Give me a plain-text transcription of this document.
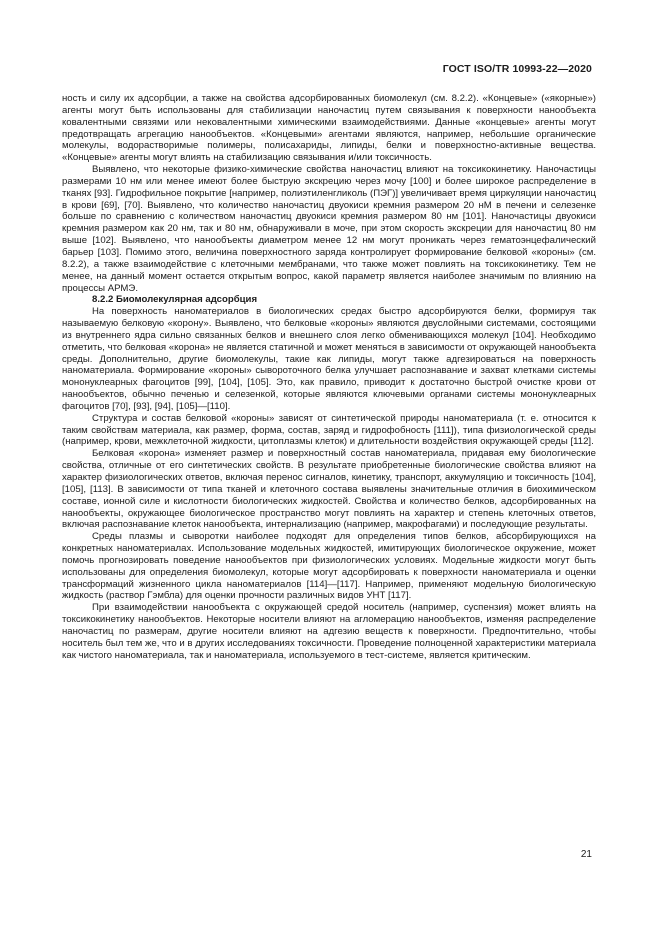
ГОСТ ISO/TR 10993-22—2020

ность и силу их адсорбции, а также на свойства адсорбированных биомолекул (см. 8.2.2). «Концевые» («якорные») агенты могут быть использованы для стабилизации наночастиц путем связывания к поверхности нанообъекта ковалентными связями или нековалентными химическими взаимодействиями. Данные «концевые» агенты могут предотвращать агрегацию нанообъектов. «Концевыми» агентами являются, например, небольшие органические молекулы, водорастворимые полимеры, полисахариды, липиды, белки и поверхностно-активные вещества. «Концевые» агенты могут влиять на стабилизацию связывания и/или токсичность.

Выявлено, что некоторые физико-химические свойства наночастиц влияют на токсикокинетику. Наночастицы размерами 10 нм или менее имеют более быструю экскрецию через мочу [100] и более широкое распределение в тканях [93]. Гидрофильное покрытие [например, полиэтиленгликоль (ПЭГ)] увеличивает время циркуляции наночастиц в крови [69], [70]. Выявлено, что количество наночастиц двуокиси кремния размером 20 нМ в печени и селезенке больше по сравнению с количеством наночастиц двуокиси кремния размером 80 нм [101]. Наночастицы двуокиси кремния размером как 20 нм, так и 80 нм, обнаруживали в моче, при этом скорость экскреции для наночастиц 80 нм выше [102]. Выявлено, что нанообъекты диаметром менее 12 нм могут проникать через гематоэнцефалический барьер [103]. Помимо этого, величина поверхностного заряда контролирует формирование белковой «короны» (см. 8.2.2), а также взаимодействие с клеточными мембранами, что также может повлиять на токсикокинетику. Тем не менее, на данный момент остается открытым вопрос, какой параметр является наиболее значимым по влиянию на процессы АРМЭ.

8.2.2 Биомолекулярная адсорбция

На поверхность наноматериалов в биологических средах быстро адсорбируются белки, формируя так называемую белковую «корону». Выявлено, что белковые «короны» являются двуслойными системами, состоящими из внутреннего ядра сильно связанных белков и внешнего слоя легко обменивающихся молекул [104]. Необходимо отметить, что белковая «корона» не является статичной и может меняться в зависимости от окружающей нанообъекта среды. Дополнительно, другие биомолекулы, такие как липиды, могут также адгезироваться на поверхность наноматериала. Формирование «короны» сывороточного белка улучшает распознавание и захват клетками системы мононуклеарных фагоцитов [99], [104], [105]. Это, как правило, приводит к достаточно быстрой очистке крови от нанообъектов, обычно печенью и селезенкой, которые являются ключевыми органами системы мононуклеарных фагоцитов [70], [93], [94], [105]—[110].

Структура и состав белковой «короны» зависят от синтетической природы наноматериала (т. е. относится к таким свойствам материала, как размер, форма, состав, заряд и гидрофобность [111]), типа физиологической среды (например, крови, межклеточной жидкости, цитоплазмы клеток) и длительности воздействия окружающей среды [112].

Белковая «корона» изменяет размер и поверхностный состав наноматериала, придавая ему биологические свойства, отличные от его синтетических свойств. В результате приобретенные биологические свойства влияют на характер физиологических ответов, включая перенос сигналов, кинетику, транспорт, аккумуляцию и токсичность [104], [105], [113]. В зависимости от типа тканей и клеточного состава выявлены значительные отличия в биохимическом составе, ионной силе и кислотности биологических жидкостей. Свойства и количество белков, адсорбированных на нанообъекты, окружающее биологическое пространство могут повлиять на характер и степень клеточных ответов, включая распознавание клеток нанообъекта, интернализацию (например, макрофагами) и последующие результаты.

Среды плазмы и сыворотки наиболее подходят для определения типов белков, абсорбирующихся на конкретных наноматериалах. Использование модельных жидкостей, имитирующих биологическое окружение, может помочь прогнозировать поведение нанообъектов при физиологических условиях. Модельные жидкости могут быть использованы для определения биомолекул, которые могут адсорбировать к поверхности наноматериала и оценки трансформаций жизненного цикла наноматериалов [114]—[117]. Например, применяют модельную биологическую жидкость (раствор Гэмбла) для оценки прочности различных видов УНТ [117].

При взаимодействии нанообъекта с окружающей средой носитель (например, суспензия) может влиять на токсикокинетику нанообъектов. Некоторые носители влияют на агломерацию нанообъектов, изменяя распределение наночастиц по размерам, другие носители влияют на адгезию веществ к поверхности. Предпочтительно, чтобы носитель был тем же, что и в других исследованиях токсичности. Проведение полноценной характеристики материала как чистого наноматериала, так и наноматериала, используемого в тест-системе, является критическим.

21
